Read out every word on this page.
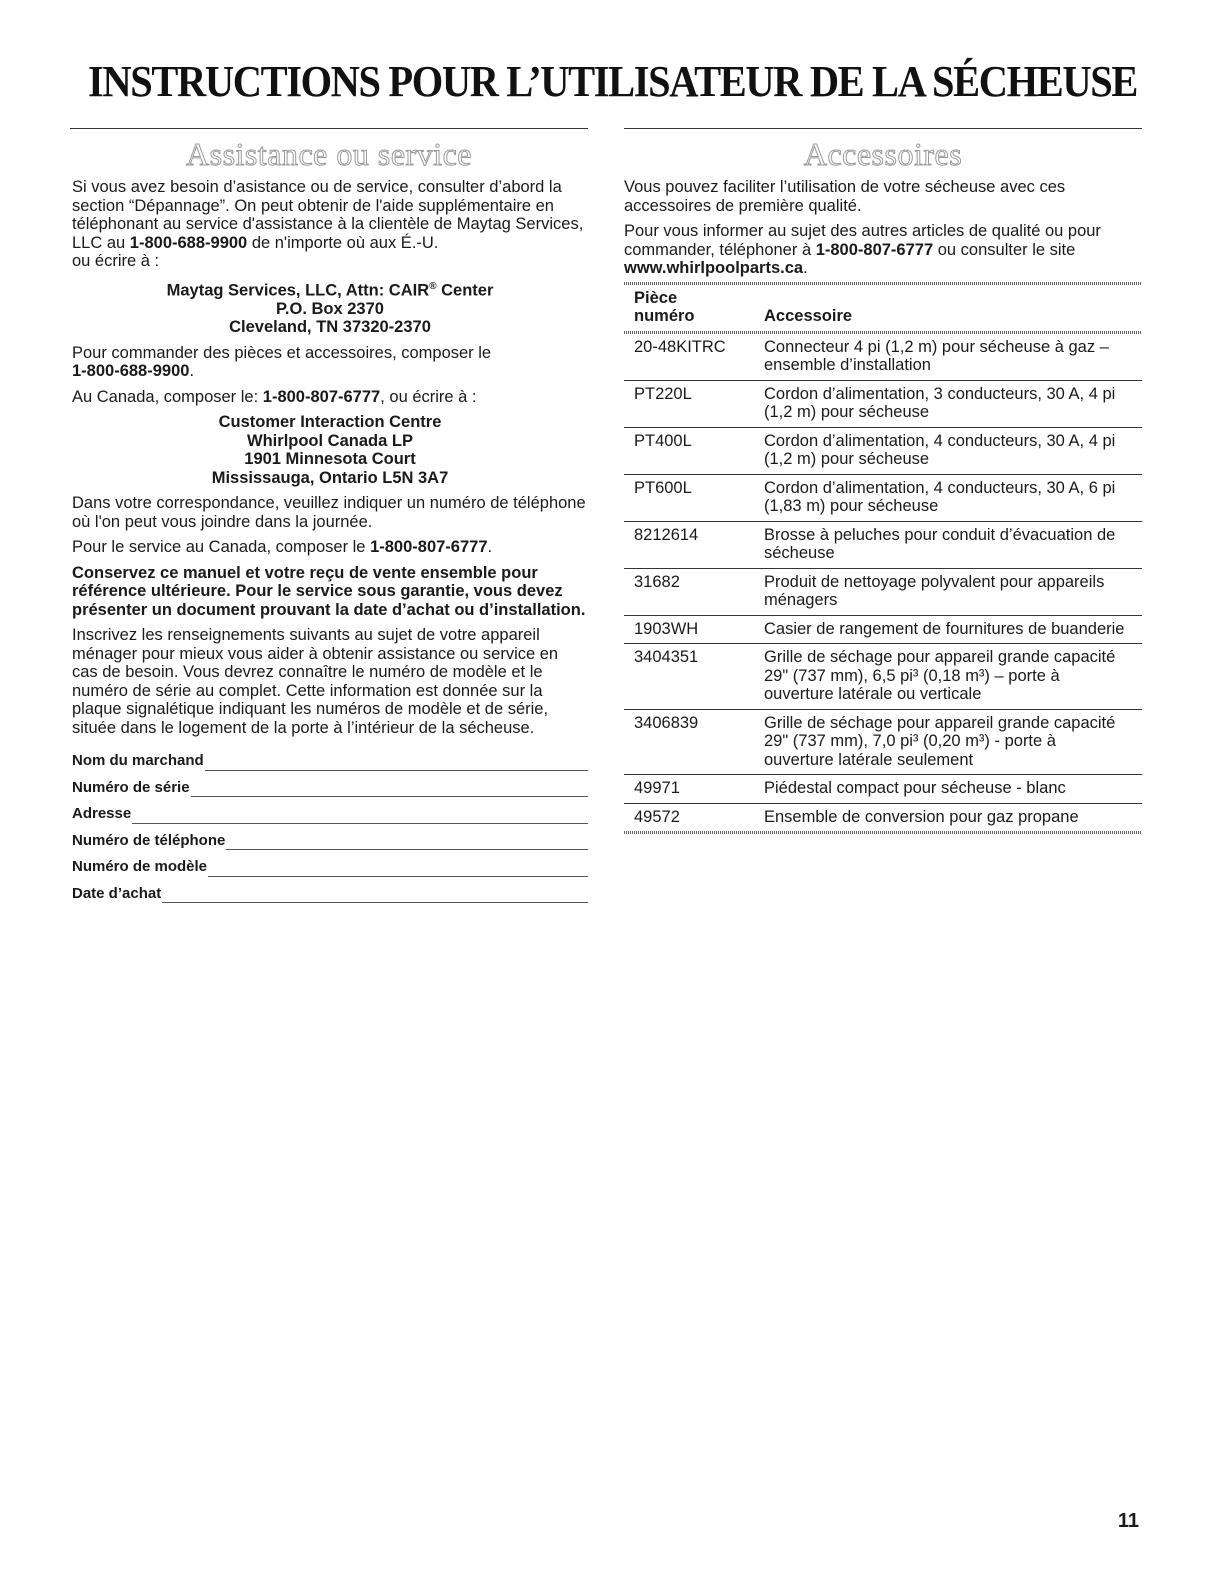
INSTRUCTIONS POUR L’UTILISATEUR DE LA SÉCHEUSE
Assistance ou service

Si vous avez besoin d’asistance ou de service, consulter d’abord la section “Dépannage”. On peut obtenir de l'aide supplémentaire en téléphonant au service d'assistance à la clientèle de Maytag Services, LLC au 1-800-688-9900 de n'importe où aux É.-U.
ou écrire à :

Maytag Services, LLC, Attn: CAIR® Center
P.O. Box 2370
Cleveland, TN 37320-2370

Pour commander des pièces et accessoires, composer le
1-800-688-9900.

Au Canada, composer le: 1-800-807-6777, ou écrire à :

Customer Interaction Centre
Whirlpool Canada LP
1901 Minnesota Court
Mississauga, Ontario L5N 3A7

Dans votre correspondance, veuillez indiquer un numéro de téléphone où l'on peut vous joindre dans la journée.

Pour le service au Canada, composer le 1-800-807-6777.

Conservez ce manuel et votre reçu de vente ensemble pour référence ultérieure. Pour le service sous garantie, vous devez présenter un document prouvant la date d’achat ou d’installation.

Inscrivez les renseignements suivants au sujet de votre appareil ménager pour mieux vous aider à obtenir assistance ou service en cas de besoin. Vous devrez connaître le numéro de modèle et le numéro de série au complet. Cette information est donnée sur la plaque signalétique indiquant les numéros de modèle et de série, située dans le logement de la porte à l’intérieur de la sécheuse.

Nom du marchand
Numéro de série
Adresse
Numéro de téléphone
Numéro de modèle
Date d’achat
Accessoires

Vous pouvez faciliter l’utilisation de votre sécheuse avec ces accessoires de première qualité.

Pour vous informer au sujet des autres articles de qualité ou pour commander, téléphoner à 1-800-807-6777 ou consulter le site
www.whirlpoolparts.ca.

Pièce
numéro	Accessoire
20-48KITRC	Connecteur 4 pi (1,2 m) pour sécheuse à gaz – ensemble d’installation
PT220L	Cordon d’alimentation, 3 conducteurs, 30 A, 4 pi (1,2 m) pour sécheuse
PT400L	Cordon d’alimentation, 4 conducteurs, 30 A, 4 pi (1,2 m) pour sécheuse
PT600L	Cordon d’alimentation, 4 conducteurs, 30 A, 6 pi (1,83 m) pour sécheuse
8212614	Brosse à peluches pour conduit d’évacuation de sécheuse
31682	Produit de nettoyage polyvalent pour appareils ménagers
1903WH	Casier de rangement de fournitures de buanderie
3404351	Grille de séchage pour appareil grande capacité 29" (737 mm), 6,5 pi³ (0,18 m³) – porte à ouverture latérale ou verticale
3406839	Grille de séchage pour appareil grande capacité 29" (737 mm), 7,0 pi³ (0,20 m³) - porte à ouverture latérale seulement
49971	Piédestal compact pour sécheuse - blanc
49572	Ensemble de conversion pour gaz propane
11
